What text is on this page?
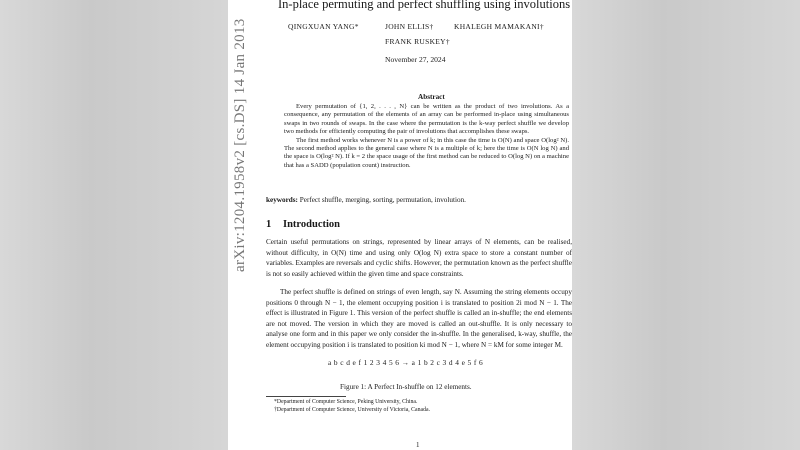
In-place permuting and perfect shuffling using involutions
QINGXUAN YANG*	JOHN ELLIS†	KHALEGH MAMAKANI†
FRANK RUSKEY†
November 27, 2024
Abstract

Every permutation of {1, 2, . . . , N} can be written as the product of two involutions. As a consequence, any permutation of the elements of an array can be performed in-place using simultaneous swaps in two rounds of swaps. In the case where the permutation is the k-way perfect shuffle we develop two methods for efficiently computing the pair of involutions that accomplishes these swaps.

The first method works whenever N is a power of k; in this case the time is O(N) and space O(log² N). The second method applies to the general case where N is a multiple of k; here the time is O(N log N) and the space is O(log² N). If k = 2 the space usage of the first method can be reduced to O(log N) on a machine that has a SADD (population count) instruction.

keywords: Perfect shuffle, merging, sorting, permutation, involution.
1 Introduction

Certain useful permutations on strings, represented by linear arrays of N elements, can be realised, without difficulty, in O(N) time and using only O(log N) extra space to store a constant number of variables. Examples are reversals and cyclic shifts. However, the permutation known as the perfect shuffle is not so easily achieved within the given time and space constraints.

The perfect shuffle is defined on strings of even length, say N. Assuming the string elements occupy positions 0 through N − 1, the element occupying position i is translated to position 2i mod N − 1. The effect is illustrated in Figure 1. This version of the perfect shuffle is called an in-shuffle; the end elements are not moved. The version in which they are moved is called an out-shuffle. It is only necessary to analyse one form and in this paper we only consider the in-shuffle. In the generalised, k-way, shuffle, the element occupying position i is translated to position ki mod N − 1, where N = kM for some integer M.

a b c d e f 1 2 3 4 5 6 → a 1 b 2 c 3 d 4 e 5 f 6
Figure 1: A Perfect In-shuffle on 12 elements.
*Department of Computer Science, Peking University, China.
†Department of Computer Science, University of Victoria, Canada.
1
arXiv:1204.1958v2 [cs.DS] 14 Jan 2013
